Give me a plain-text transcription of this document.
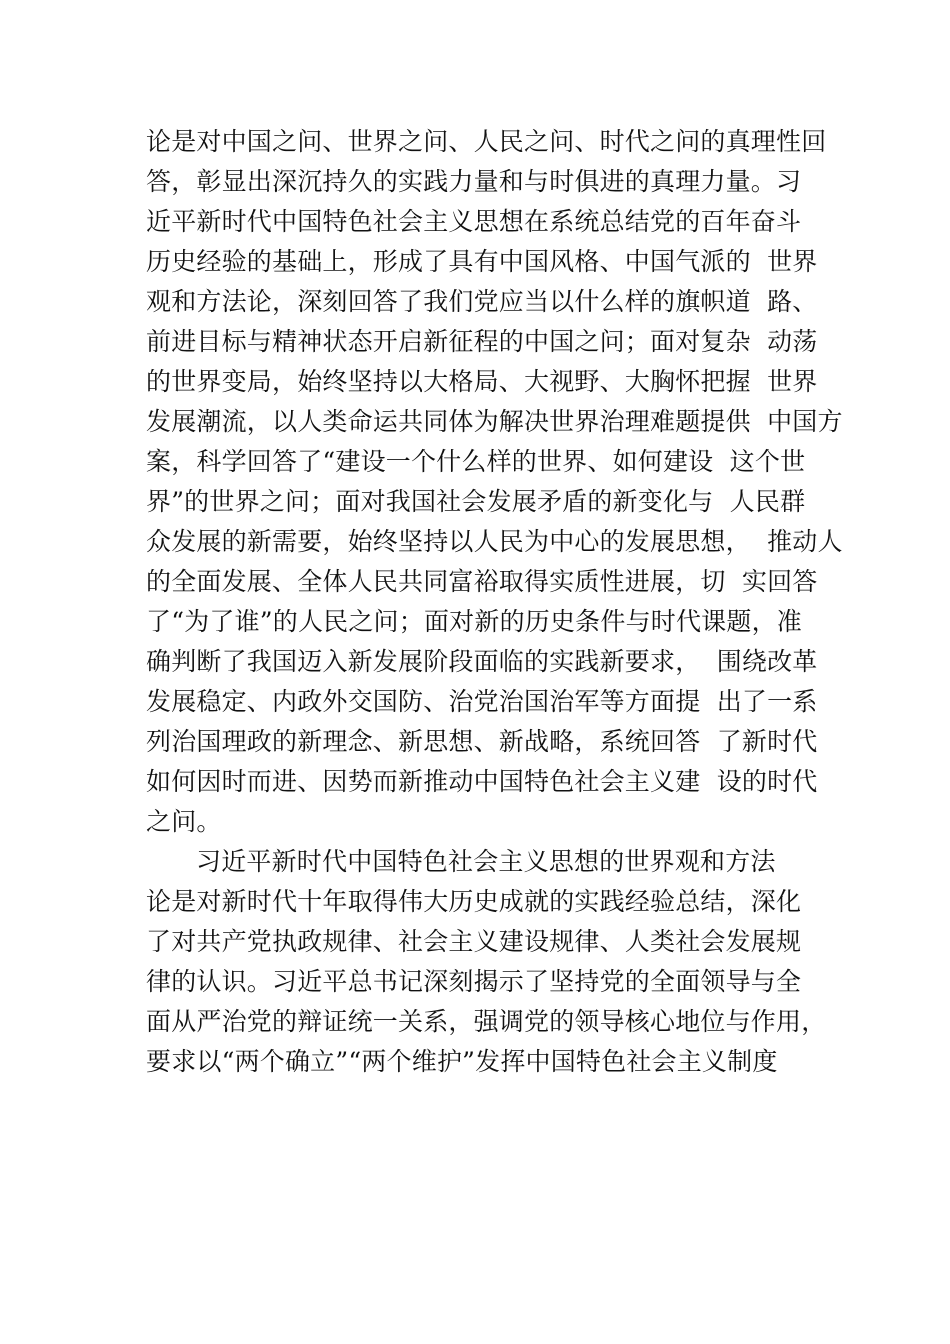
论是对中国之问、世界之问、人民之问、时代之问的真理性回
答，彰显出深沉持久的实践力量和与时俱进的真理力量。习
近平新时代中国特色社会主义思想在系统总结党的百年奋斗
历史经验的基础上，形成了具有中国风格、中国气派的  世界
观和方法论，深刻回答了我们党应当以什么样的旗帜道  路、
前进目标与精神状态开启新征程的中国之问；面对复杂  动荡
的世界变局，始终坚持以大格局、大视野、大胸怀把握  世界
发展潮流，以人类命运共同体为解决世界治理难题提供  中国方
案，科学回答了“建设一个什么样的世界、如何建设  这个世
界”的世界之问；面对我国社会发展矛盾的新变化与  人民群
众发展的新需要，始终坚持以人民为中心的发展思想，  推动人
的全面发展、全体人民共同富裕取得实质性进展，切  实回答
了“为了谁”的人民之问；面对新的历史条件与时代课题，准
确判断了我国迈入新发展阶段面临的实践新要求，  围绕改革
发展稳定、内政外交国防、治党治国治军等方面提  出了一系
列治国理政的新理念、新思想、新战略，系统回答  了新时代
如何因时而进、因势而新推动中国特色社会主义建  设的时代
之问。
习近平新时代中国特色社会主义思想的世界观和方法
论是对新时代十年取得伟大历史成就的实践经验总结，深化
了对共产党执政规律、社会主义建设规律、人类社会发展规
律的认识。习近平总书记深刻揭示了坚持党的全面领导与全
面从严治党的辩证统一关系，强调党的领导核心地位与作用，
要求以“两个确立”“两个维护”发挥中国特色社会主义制度
